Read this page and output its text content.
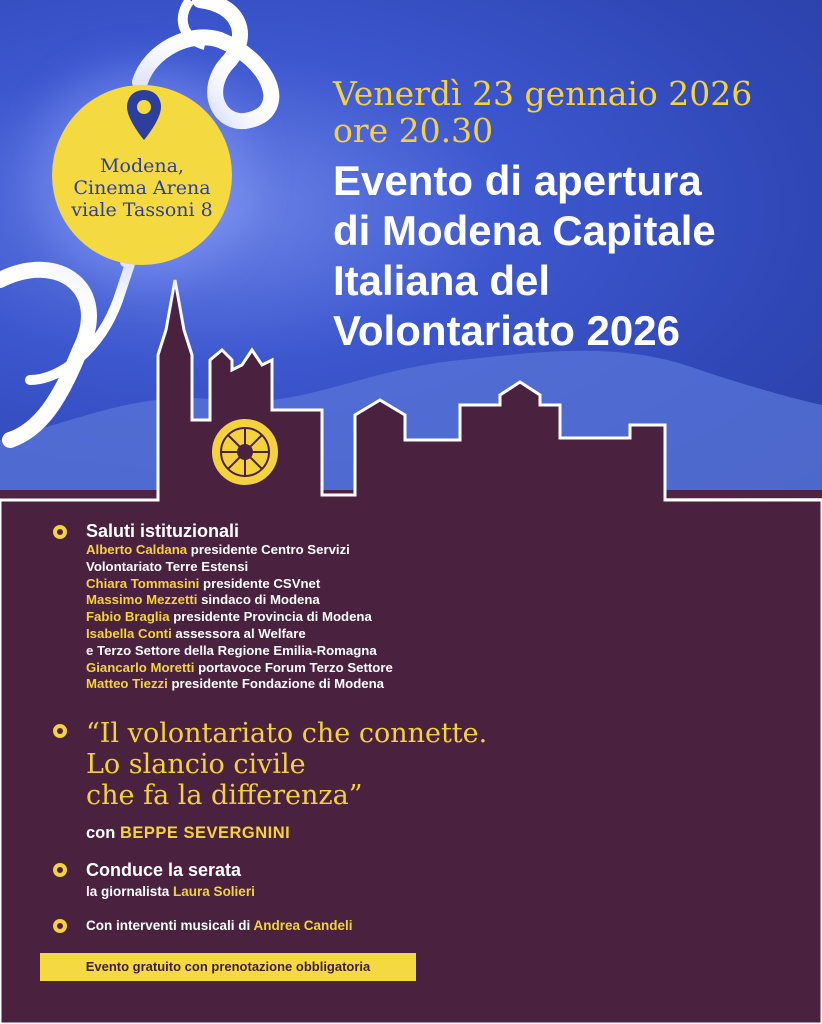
Modena,
Cinema Arena
viale Tassoni 8
Venerdì 23 gennaio 2026
ore 20.30
Evento di apertura
di Modena Capitale
Italiana del
Volontariato 2026
Saluti istituzionali
Alberto Caldana presidente Centro Servizi
Volontariato Terre Estensi
Chiara Tommasini presidente CSVnet
Massimo Mezzetti sindaco di Modena
Fabio Braglia presidente Provincia di Modena
Isabella Conti assessora al Welfare
e Terzo Settore della Regione Emilia-Romagna
Giancarlo Moretti portavoce Forum Terzo Settore
Matteo Tiezzi presidente Fondazione di Modena
“Il volontariato che connette.
Lo slancio civile
che fa la differenza”
con BEPPE SEVERGNINI
Conduce la serata
la giornalista Laura Solieri
Con interventi musicali di Andrea Candeli
Evento gratuito con prenotazione obbligatoria
